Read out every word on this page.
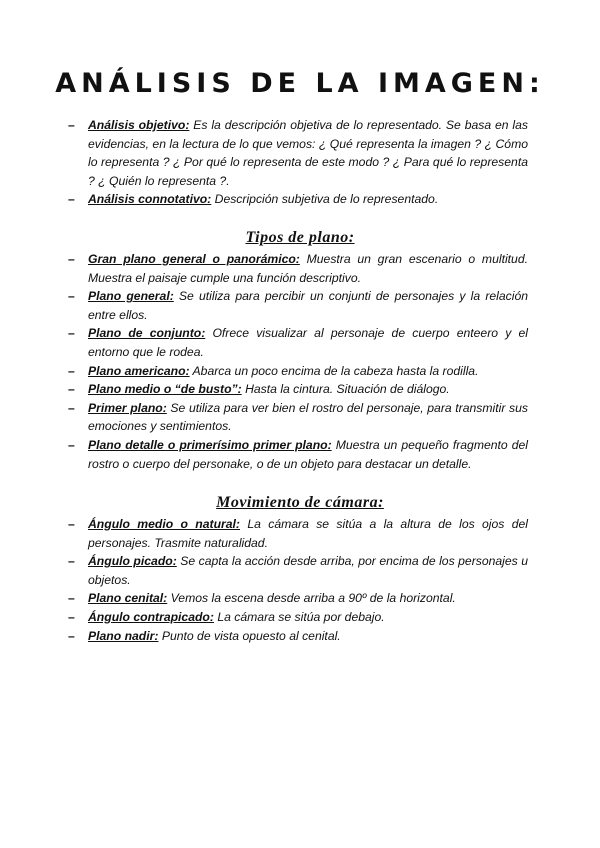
ANÁLISIS DE LA IMAGEN:
– Análisis objetivo: Es la descripción objetiva de lo representado. Se basa en las evidencias, en la lectura de lo que vemos: ¿ Qué representa la imagen ? ¿ Cómo lo representa ? ¿ Por qué lo representa de este modo ? ¿ Para qué lo representa ? ¿ Quién lo representa ?.
– Análisis connotativo: Descripción subjetiva de lo representado.
Tipos de plano:
– Gran plano general o panorámico: Muestra un gran escenario o multitud. Muestra el paisaje cumple una función descriptivo.
– Plano general: Se utiliza para percibir un conjunti de personajes y la relación entre ellos.
– Plano de conjunto: Ofrece visualizar al personaje de cuerpo enteero y el entorno que le rodea.
– Plano americano: Abarca un poco encima de la cabeza hasta la rodilla.
– Plano medio o “de busto”: Hasta la cintura. Situación de diálogo.
– Primer plano: Se utiliza para ver bien el rostro del personaje, para transmitir sus emociones y sentimientos.
– Plano detalle o primerísimo primer plano: Muestra un pequeño fragmento del rostro o cuerpo del personake, o de un objeto para destacar un detalle.
Movimiento de cámara:
– Ángulo medio o natural: La cámara se sitúa a la altura de los ojos del personajes. Trasmite naturalidad.
– Ángulo picado: Se capta la acción desde arriba, por encima de los personajes u objetos.
– Plano cenital: Vemos la escena desde arriba a 90º de la horizontal.
– Ángulo contrapicado: La cámara se sitúa por debajo.
– Plano nadir: Punto de vista opuesto al cenital.
